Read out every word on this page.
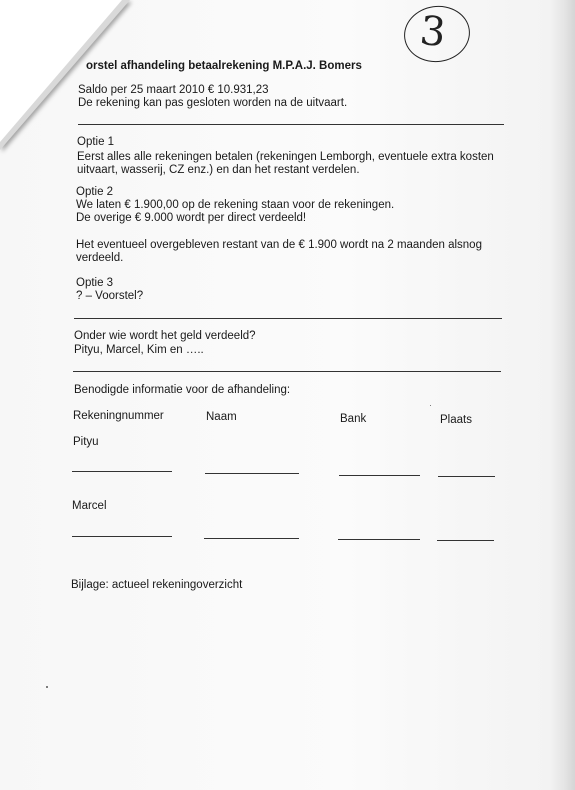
3
orstel afhandeling betaalrekening M.P.A.J. Bomers
Saldo per 25 maart 2010 € 10.931,23
De rekening kan pas gesloten worden na de uitvaart.
Optie 1
Eerst alles alle rekeningen betalen (rekeningen Lemborgh, eventuele extra kosten
uitvaart, wasserij, CZ enz.) en dan het restant verdelen.
Optie 2
We laten € 1.900,00 op de rekening staan voor de rekeningen.
De overige € 9.000 wordt per direct verdeeld!
Het eventueel overgebleven restant van de € 1.900 wordt na 2 maanden alsnog
verdeeld.
Optie 3
? – Voorstel?
Onder wie wordt het geld verdeeld?
Pityu, Marcel, Kim en …..
Benodigde informatie voor de afhandeling:
Rekeningnummer	Naam	Bank	Plaats
Pityu
Marcel
Bijlage: actueel rekeningoverzicht
